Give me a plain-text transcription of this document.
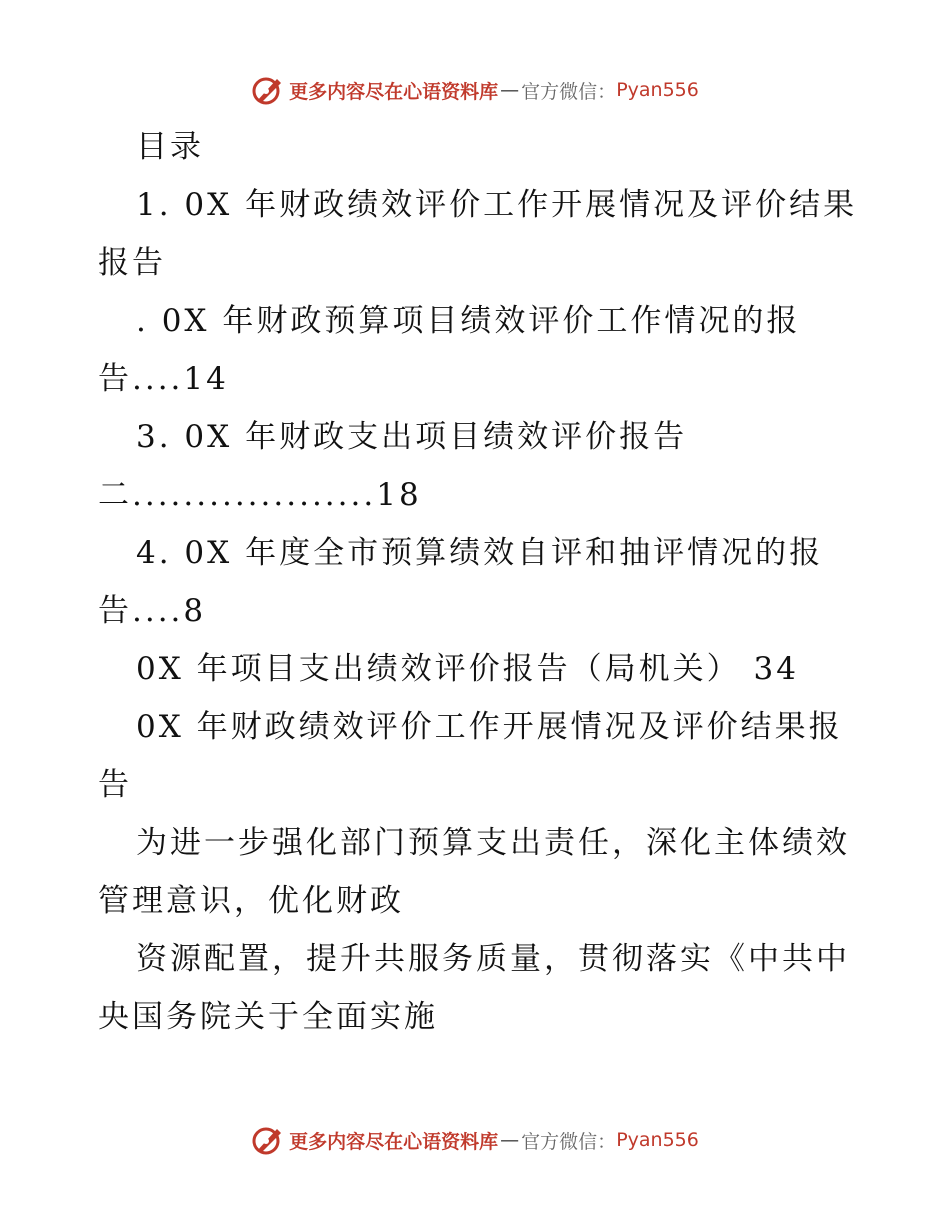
更多内容尽在心语资料库 — 官方微信： Pyan556
目录
1. 0X 年财政绩效评价工作开展情况及评价结果
报告
. 0X 年财政预算项目绩效评价工作情况的报
告....14
3. 0X 年财政支出项目绩效评价报告
二...................18
4. 0X 年度全市预算绩效自评和抽评情况的报
告....8
0X 年项目支出绩效评价报告（局机关） 34
0X 年财政绩效评价工作开展情况及评价结果报
告
为进一步强化部门预算支出责任，深化主体绩效
管理意识，优化财政
资源配置，提升共服务质量，贯彻落实《中共中
央国务院关于全面实施
更多内容尽在心语资料库 — 官方微信： Pyan556
